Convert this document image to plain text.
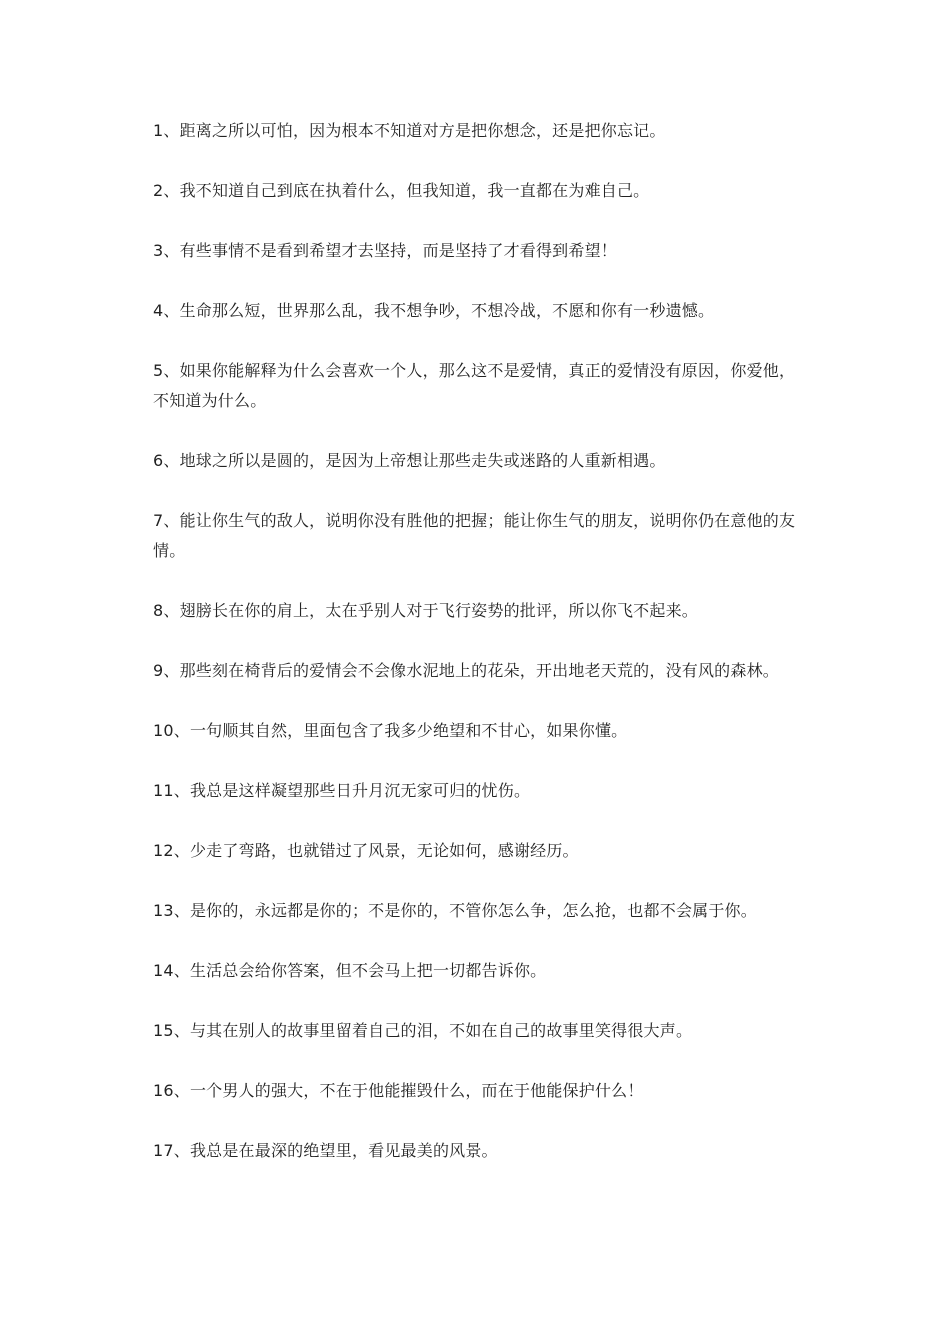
1、距离之所以可怕，因为根本不知道对方是把你想念，还是把你忘记。

2、我不知道自己到底在执着什么，但我知道，我一直都在为难自己。

3、有些事情不是看到希望才去坚持，而是坚持了才看得到希望！

4、生命那么短，世界那么乱，我不想争吵，不想冷战，不愿和你有一秒遗憾。

5、如果你能解释为什么会喜欢一个人，那么这不是爱情，真正的爱情没有原因，你爱他，不知道为什么。

6、地球之所以是圆的，是因为上帝想让那些走失或迷路的人重新相遇。

7、能让你生气的敌人，说明你没有胜他的把握；能让你生气的朋友，说明你仍在意他的友情。

8、翅膀长在你的肩上，太在乎别人对于飞行姿势的批评，所以你飞不起来。

9、那些刻在椅背后的爱情会不会像水泥地上的花朵，开出地老天荒的，没有风的森林。

10、一句顺其自然，里面包含了我多少绝望和不甘心，如果你懂。

11、我总是这样凝望那些日升月沉无家可归的忧伤。

12、少走了弯路，也就错过了风景，无论如何，感谢经历。

13、是你的，永远都是你的；不是你的，不管你怎么争，怎么抢，也都不会属于你。

14、生活总会给你答案，但不会马上把一切都告诉你。

15、与其在别人的故事里留着自己的泪，不如在自己的故事里笑得很大声。

16、一个男人的强大，不在于他能摧毁什么，而在于他能保护什么！

17、我总是在最深的绝望里，看见最美的风景。
